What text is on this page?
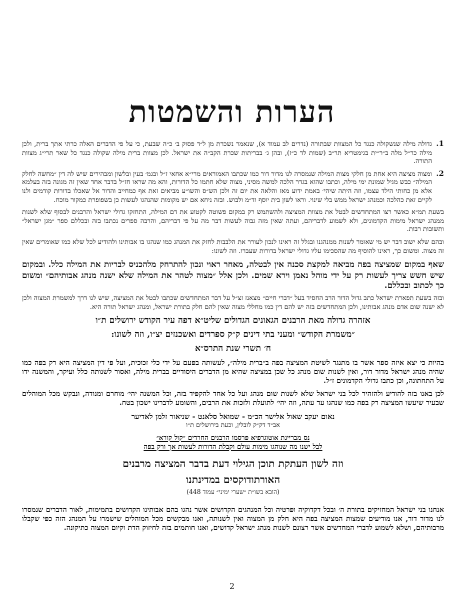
הערות והשמטות
1.
גדולה מילה שנשקולה כנגד כל המצוות שבתורה (נדרים לב עמוד א), שנאמר נשכרת מן ל״ד פסוק ב׳ כ״ה שבעת, כי על פי הדברים האלה כרתי אתך ברית, ולכן מילה כר״ל מלה ב״ר״ית בגימטריא תר״ב (שמות לד כ״ז), ובהן ג׳ בבריתות שכרת הקב״ה את ישראל. לכן מצוות ברית מילה שקולה כנגד כל שאר תרי״ג מצוות התורה.
2.
ומצוה מציצה היא אחת מן חלקי מצות המילה שנמסרה לנו מדור דור כמו שכתבו האמוראים מרי״א אחאי ז״ל ובגמ׳ בעין ובלשון ומבהירים שיש לה דין ״מחשה לחלק המילה״ כבש מגיל שמונת ימי מילה, וכתבו שהוא בגדר הלכה למשה מסיני, מצוה שלא חתמו כל הדורות, והא מה שראו חז״ל בדבר אחד שאין זה מגונה בזה בעלמא אלא מן כחותי הילד עצמו, וזה היתה שיהי׳ באמת ידוע מאז והלאה את יום זה ולכן הש״ס והשו״ע מביאים זאת אף כמחייב והדור אל שאכלו בדורות קודמים ולנו לקיים זאת כהלכה וכמנהג ישראל ממש בלי שינוי. וראו לשון בית יוסף וד״מ ולבוש. ובזה ניחא אם יש מקומות שהנהגו לעשות כן בשפופרת כמקור מוכח.

בשעת תמ״א כאשר רצו המתחדשים לבטל את מצוות המציצה ולהשתמש רק במקום פשוטה לקטוע את דם המילה, התחזקו גדולי ישראל והרבנים לבסוף שלא לשנות ממנהג ישראל מימות הקדמונים, ולא לשמוע לדבריהם, ועתה שאין מזה גבוה לעשות דבר מה על פי דבריהם, והרבה ספרים נכתבו בזה ובכללם ספר ״מגן ישראל״ ותשובות רבות.

ובהם שלא ישוב דבר יש מי שאומר לשנות ממנהגנו ובגלל זה ראינו לנכון לעורר את הלבבות לחזק את המנהג כמו שנהגו בו אבותינו ולהודיע לכל שלא כמו שאומרים שאין זה מצוה. ומשום כך, ראינו להוסיף מה שהסכימו עליו גדולי ישראל בדורות שעברו. וזה לשונו:

שאף במקום שמציצה בפה מביאה למקצת סכנה אין לבטלה, מאחר ראוי ונכון להתרחק מלהכניס לבריות את המילה כלל. ובמקום שיש חשש צריך לעשות רק על ידי מוהל נאמן וירא שמים. ולכן אלל ״מצוה לטהר את המילה שלא ישנה מנהג אבותיהם״ ומשום כך לכתוב ובכללם.

ובזה בשעת תפארת ישראל כתב גדול הדור הרב החסיד בעל ״דברי חיים״ מצאנז זצ״ל על דבר המתחדשים שכתבו לבטל את המציצה, שיש לנו דרך למשמרת המצוה ולכן לא ישנה שום אדם מנהג אבותינו, ולכן המתחדשים בזה יש להם דין כמו מחללי מצוה שאין להם חלק בתורת ישראל, ומנהג ישראל תורה היא.

אזהרה גדולה מאת הרבנים הגאונים הגדולים שליט״א דפה עיר הקודש ירושלים ת״ו
״משמרת הקודש״ ומעני בתי דינים ק״ק ספרדים ואשכנזים יצ״ו, וזה לשונו:
ח׳ תשרי שנת התרס״א

בהיות כי יצא איזה ספר אשר בו מתנגד לשיטת המציצה בפה ב״ברית מילה״, לעשותה בפעם על ידי כלי זכוכית, ועל פי דין המציצה היא רק בפה כמו שהיה מנהג ישראל מדור דור, ואין לשנות שום מנהג כל שכן במציצה שהיא מן הדברים היסודיים בברית מילה, ואסור לשנותה כלל ועיקר, והמשנה ידו על התחתונה, וכן כתבו גדולי הקדמונים ז״ל.

לכן באנו בזה להודיע ולהזהיר לכל בני ישראל שלא לשנות שום מנהג ועל כל אחד להקפיד בזה, וכל המשנה יהי׳ מוחרם ומנודה, ונבקש מכל המוהלים שבעיר שיעשו המציצה רק בפה כמו שנהגו עד עתה, וזה יהי׳ לתועלת ולזכות את הרבים, והשומע לדברינו ישכון בטח.

נאום יעקב שאול אלישר הכ״מ - שמואל סלאנט - שניאור זלמן לאדיער
אב״ד דק״ק לובלין, וכעת בירושלים ת״ו
נס מבריינת אוטוגרפיא פרסמו הרבנים החרדים ״קול קורא״
לבל ישנו מה שנוהגו מימות עולם וקבלת הדורות לעשות אך ורק בפה
וזה לשון העתקת תוכן הגילוי דעת בדבר המציצה מרבנים
האורתודוקסים במדינתנו
(הובא בשו״ת ״שערי ימיני״ עמוד 448)

אנחנו בני ישראל המחזיקים בתורת ה׳ ובכל דקדוקיה ופרטיה וכל המנהגים הקדושים אשר נהגו בהם אבותינו הקדושים בתמימות, לאור הדברים שנמסרו לנו מדור דור, אנו מודיעים שמצות המציצה בפה היא חלק מן המצוה ואין לשנותה, ואנו מבקשים מכל המוהלים שישמרו על המנהג הזה כפי שקבלו מרבותיהם, ושלא לשמוע לדברי המחדשים אשר רצונם לשנות מנהג ישראל קדושים, ואנו חותמים בזה לחיזוק הדת וקיום המצוה כתיקונה.

2
